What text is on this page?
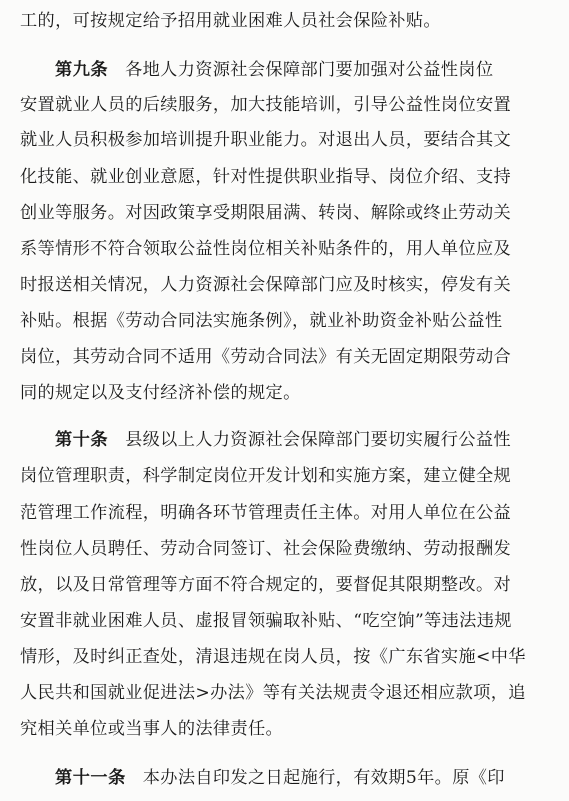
工的，可按规定给予招用就业困难人员社会保险补贴。
第九条 各地人力资源社会保障部门要加强对公益性岗位
安置就业人员的后续服务，加大技能培训，引导公益性岗位安置
就业人员积极参加培训提升职业能力。对退出人员，要结合其文
化技能、就业创业意愿，针对性提供职业指导、岗位介绍、支持
创业等服务。对因政策享受期限届满、转岗、解除或终止劳动关
系等情形不符合领取公益性岗位相关补贴条件的，用人单位应及
时报送相关情况，人力资源社会保障部门应及时核实，停发有关
补贴。根据《劳动合同法实施条例》，就业补助资金补贴公益性
岗位，其劳动合同不适用《劳动合同法》有关无固定期限劳动合
同的规定以及支付经济补偿的规定。
第十条 县级以上人力资源社会保障部门要切实履行公益性
岗位管理职责，科学制定岗位开发计划和实施方案，建立健全规
范管理工作流程，明确各环节管理责任主体。对用人单位在公益
性岗位人员聘任、劳动合同签订、社会保险费缴纳、劳动报酬发
放，以及日常管理等方面不符合规定的，要督促其限期整改。对
安置非就业困难人员、虚报冒领骗取补贴、“吃空饷”等违法违规
情形，及时纠正查处，清退违规在岗人员，按《广东省实施<中华
人民共和国就业促进法>办法》等有关法规责令退还相应款项，追
究相关单位或当事人的法律责任。
第十一条 本办法自印发之日起施行，有效期5年。原《印
